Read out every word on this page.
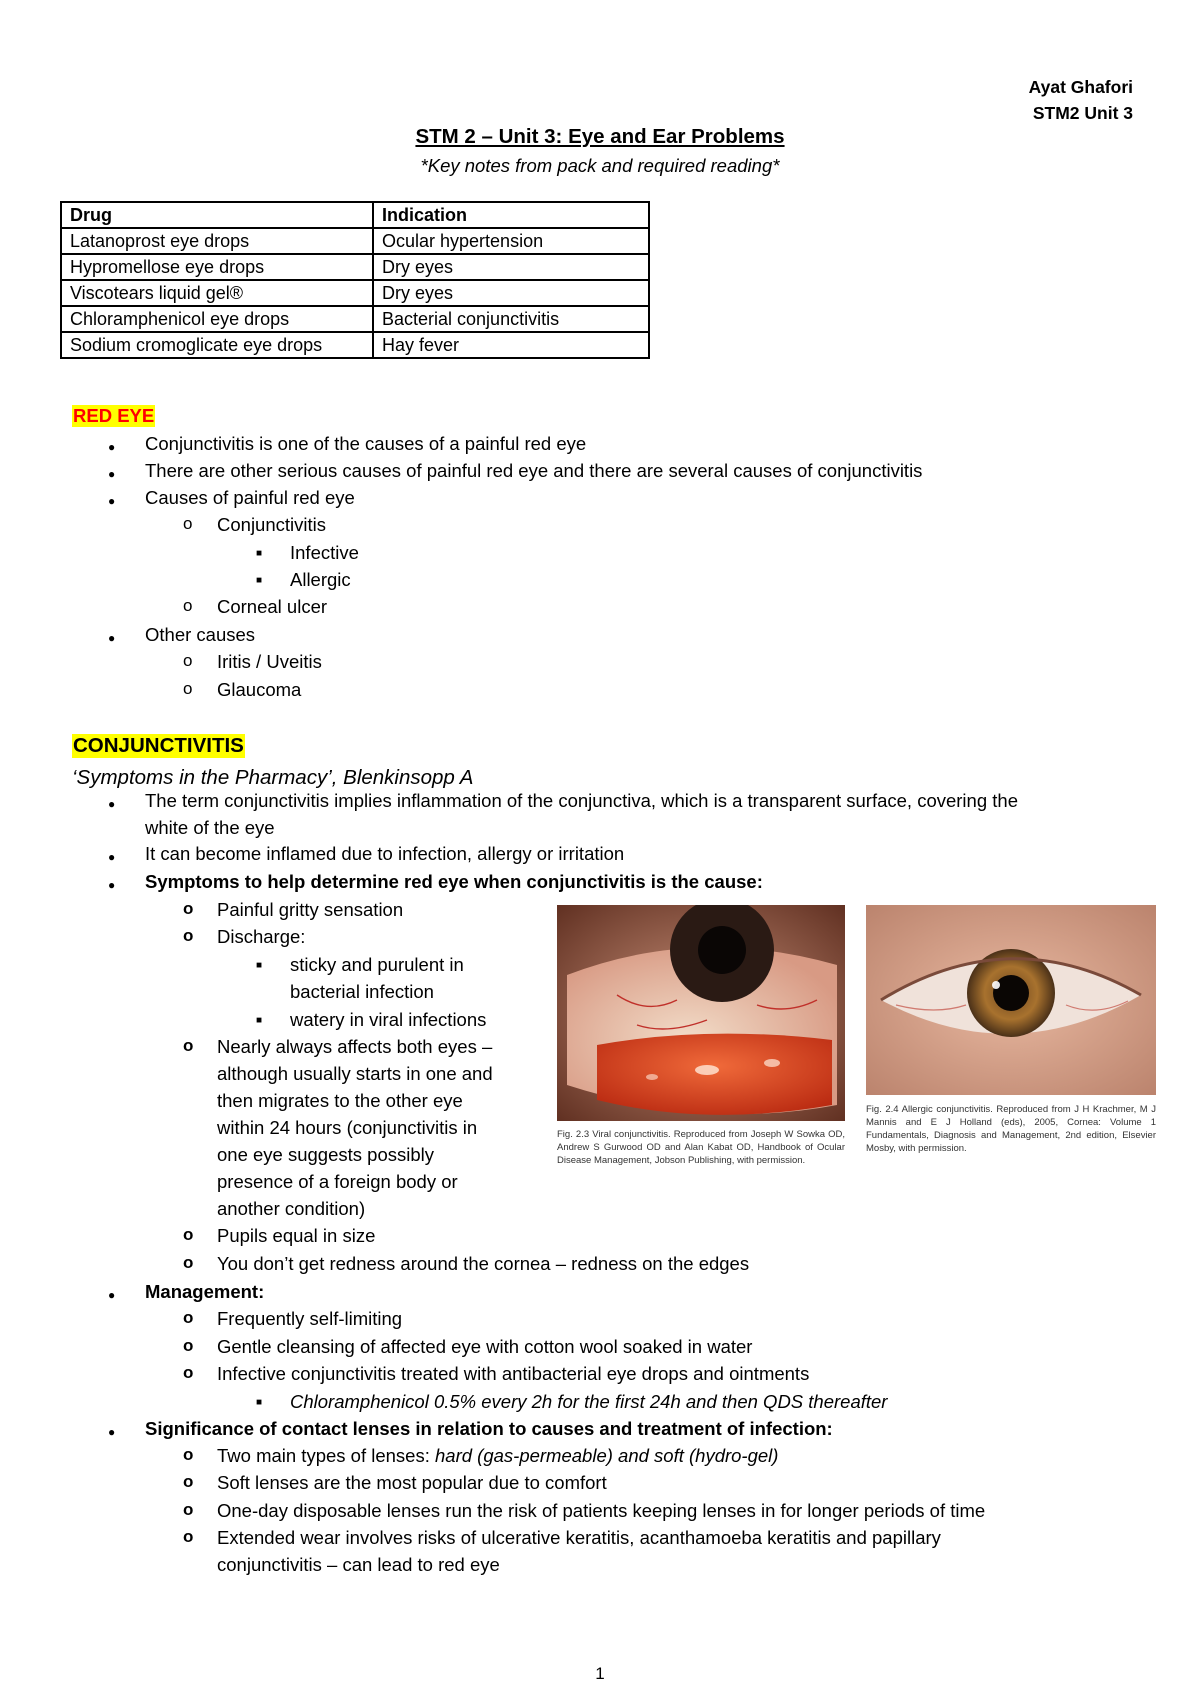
Ayat Ghafori
STM2 Unit 3
STM 2 – Unit 3: Eye and Ear Problems
*Key notes from pack and required reading*
Drug	Indication
Latanoprost eye drops	Ocular hypertension
Hypromellose eye drops	Dry eyes
Viscotears liquid gel®	Dry eyes
Chloramphenicol eye drops	Bacterial conjunctivitis
Sodium cromoglicate eye drops	Hay fever
RED EYE
● Conjunctivitis is one of the causes of a painful red eye
● There are other serious causes of painful red eye and there are several causes of conjunctivitis
● Causes of painful red eye
o Conjunctivitis
■ Infective
■ Allergic
o Corneal ulcer
● Other causes
o Iritis / Uveitis
o Glaucoma
CONJUNCTIVITIS
‘Symptoms in the Pharmacy’, Blenkinsopp A
● The term conjunctivitis implies inflammation of the conjunctiva, which is a transparent surface, covering the
white of the eye
● It can become inflamed due to infection, allergy or irritation
● Symptoms to help determine red eye when conjunctivitis is the cause:
o Painful gritty sensation
o Discharge:
■ sticky and purulent in
bacterial infection
■ watery in viral infections
o Nearly always affects both eyes –
although usually starts in one and
then migrates to the other eye
within 24 hours (conjunctivitis in
one eye suggests possibly
presence of a foreign body or
another condition)
o Pupils equal in size
o You don’t get redness around the cornea – redness on the edges
● Management:
o Frequently self-limiting
o Gentle cleansing of affected eye with cotton wool soaked in water
o Infective conjunctivitis treated with antibacterial eye drops and ointments
■ Chloramphenicol 0.5% every 2h for the first 24h and then QDS thereafter
● Significance of contact lenses in relation to causes and treatment of infection:
o Two main types of lenses: hard (gas-permeable) and soft (hydro-gel)
o Soft lenses are the most popular due to comfort
o One-day disposable lenses run the risk of patients keeping lenses in for longer periods of time
o Extended wear involves risks of ulcerative keratitis, acanthamoeba keratitis and papillary
conjunctivitis – can lead to red eye
Fig. 2.3 Viral conjunctivitis. Reproduced from Joseph W Sowka OD, Andrew S Gurwood OD and Alan Kabat OD, Handbook of Ocular Disease Management, Jobson Publishing, with permission.
Fig. 2.4 Allergic conjunctivitis. Reproduced from J H Krachmer, M J Mannis and E J Holland (eds), 2005, Cornea: Volume 1 Fundamentals, Diagnosis and Management, 2nd edition, Elsevier Mosby, with permission.
1
